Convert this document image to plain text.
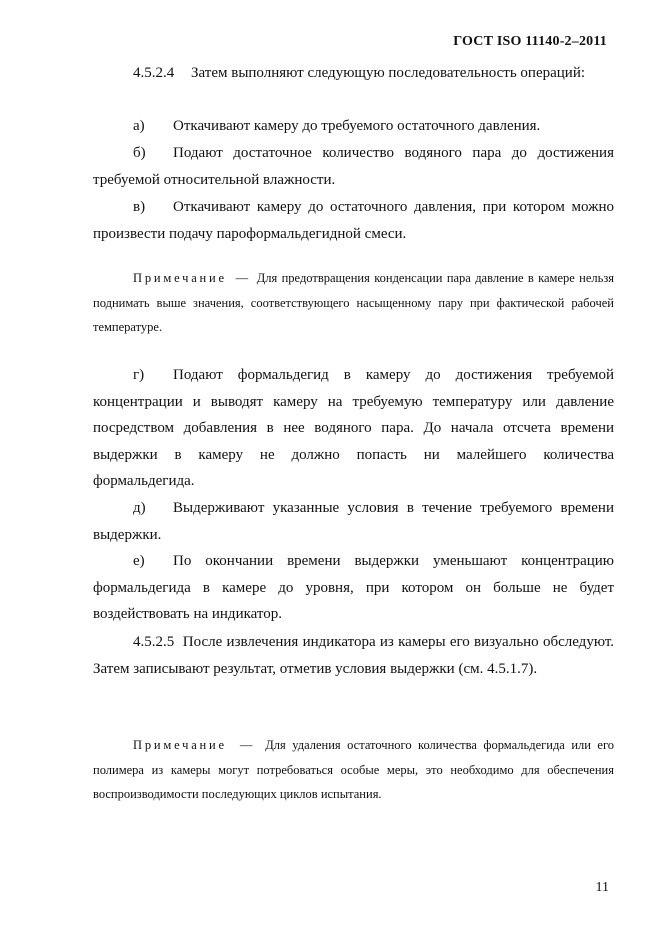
ГОСТ ISO 11140-2–2011

4.5.2.4 Затем выполняют следующую последовательность операций:

а) Откачивают камеру до требуемого остаточного давления.

б) Подают достаточное количество водяного пара до достижения требуемой относительной влажности.

в) Откачивают камеру до остаточного давления, при котором можно произвести подачу пароформальдегидной смеси.

Примечание — Для предотвращения конденсации пара давление в камере нельзя поднимать выше значения, соответствующего насыщенному пару при фактической рабочей температуре.

г) Подают формальдегид в камеру до достижения требуемой концентрации и выводят камеру на требуемую температуру или давление посредством добавления в нее водяного пара. До начала отсчета времени выдержки в камеру не должно попасть ни малейшего количества формальдегида.

д) Выдерживают указанные условия в течение требуемого времени выдержки.

е) По окончании времени выдержки уменьшают концентрацию формальдегида в камере до уровня, при котором он больше не будет воздействовать на индикатор.

4.5.2.5 После извлечения индикатора из камеры его визуально обследуют. Затем записывают результат, отметив условия выдержки (см. 4.5.1.7).

Примечание — Для удаления остаточного количества формальдегида или его полимера из камеры могут потребоваться особые меры, это необходимо для обеспечения воспроизводимости последующих циклов испытания.

11
